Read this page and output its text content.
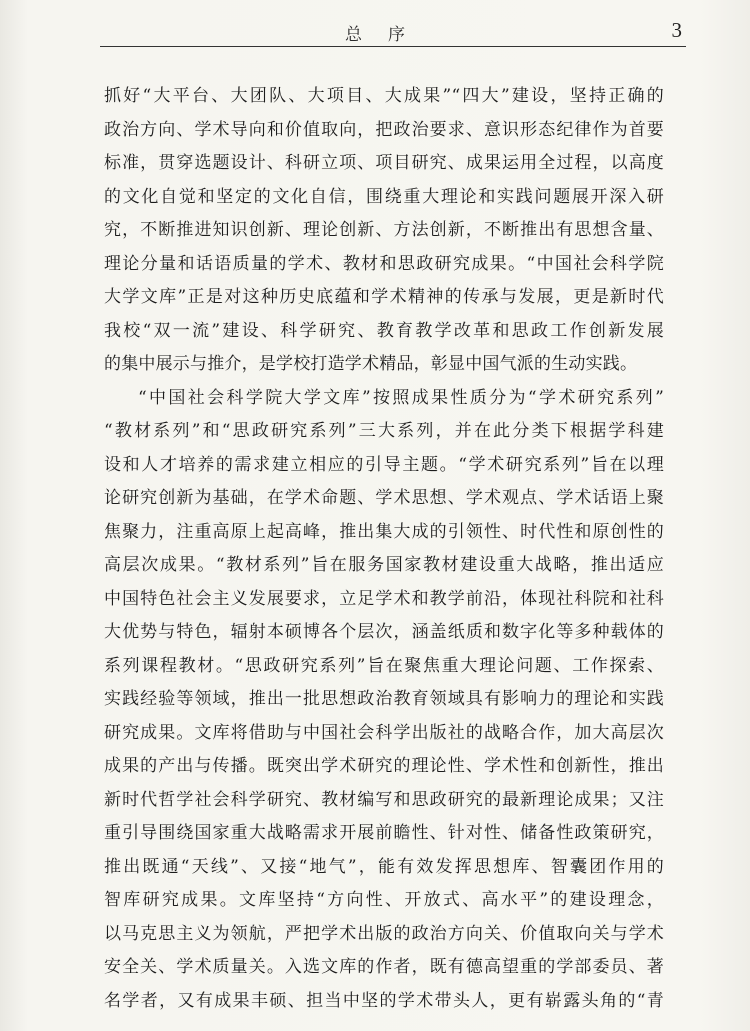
总序	3
抓好“大平台、大团队、大项目、大成果”“四大”建设，坚持正确的
政治方向、学术导向和价值取向，把政治要求、意识形态纪律作为首要
标准，贯穿选题设计、科研立项、项目研究、成果运用全过程，以高度
的文化自觉和坚定的文化自信，围绕重大理论和实践问题展开深入研
究，不断推进知识创新、理论创新、方法创新，不断推出有思想含量、
理论分量和话语质量的学术、教材和思政研究成果。“中国社会科学院
大学文库”正是对这种历史底蕴和学术精神的传承与发展，更是新时代
我校“双一流”建设、科学研究、教育教学改革和思政工作创新发展
的集中展示与推介，是学校打造学术精品，彰显中国气派的生动实践。
“中国社会科学院大学文库”按照成果性质分为“学术研究系列”
“教材系列”和“思政研究系列”三大系列，并在此分类下根据学科建
设和人才培养的需求建立相应的引导主题。“学术研究系列”旨在以理
论研究创新为基础，在学术命题、学术思想、学术观点、学术话语上聚
焦聚力，注重高原上起高峰，推出集大成的引领性、时代性和原创性的
高层次成果。“教材系列”旨在服务国家教材建设重大战略，推出适应
中国特色社会主义发展要求，立足学术和教学前沿，体现社科院和社科
大优势与特色，辐射本硕博各个层次，涵盖纸质和数字化等多种载体的
系列课程教材。“思政研究系列”旨在聚焦重大理论问题、工作探索、
实践经验等领域，推出一批思想政治教育领域具有影响力的理论和实践
研究成果。文库将借助与中国社会科学出版社的战略合作，加大高层次
成果的产出与传播。既突出学术研究的理论性、学术性和创新性，推出
新时代哲学社会科学研究、教材编写和思政研究的最新理论成果；又注
重引导围绕国家重大战略需求开展前瞻性、针对性、储备性政策研究，
推出既通“天线”、又接“地气”，能有效发挥思想库、智囊团作用的
智库研究成果。文库坚持“方向性、开放式、高水平”的建设理念，
以马克思主义为领航，严把学术出版的政治方向关、价值取向关与学术
安全关、学术质量关。入选文库的作者，既有德高望重的学部委员、著
名学者，又有成果丰硕、担当中坚的学术带头人，更有崭露头角的“青
